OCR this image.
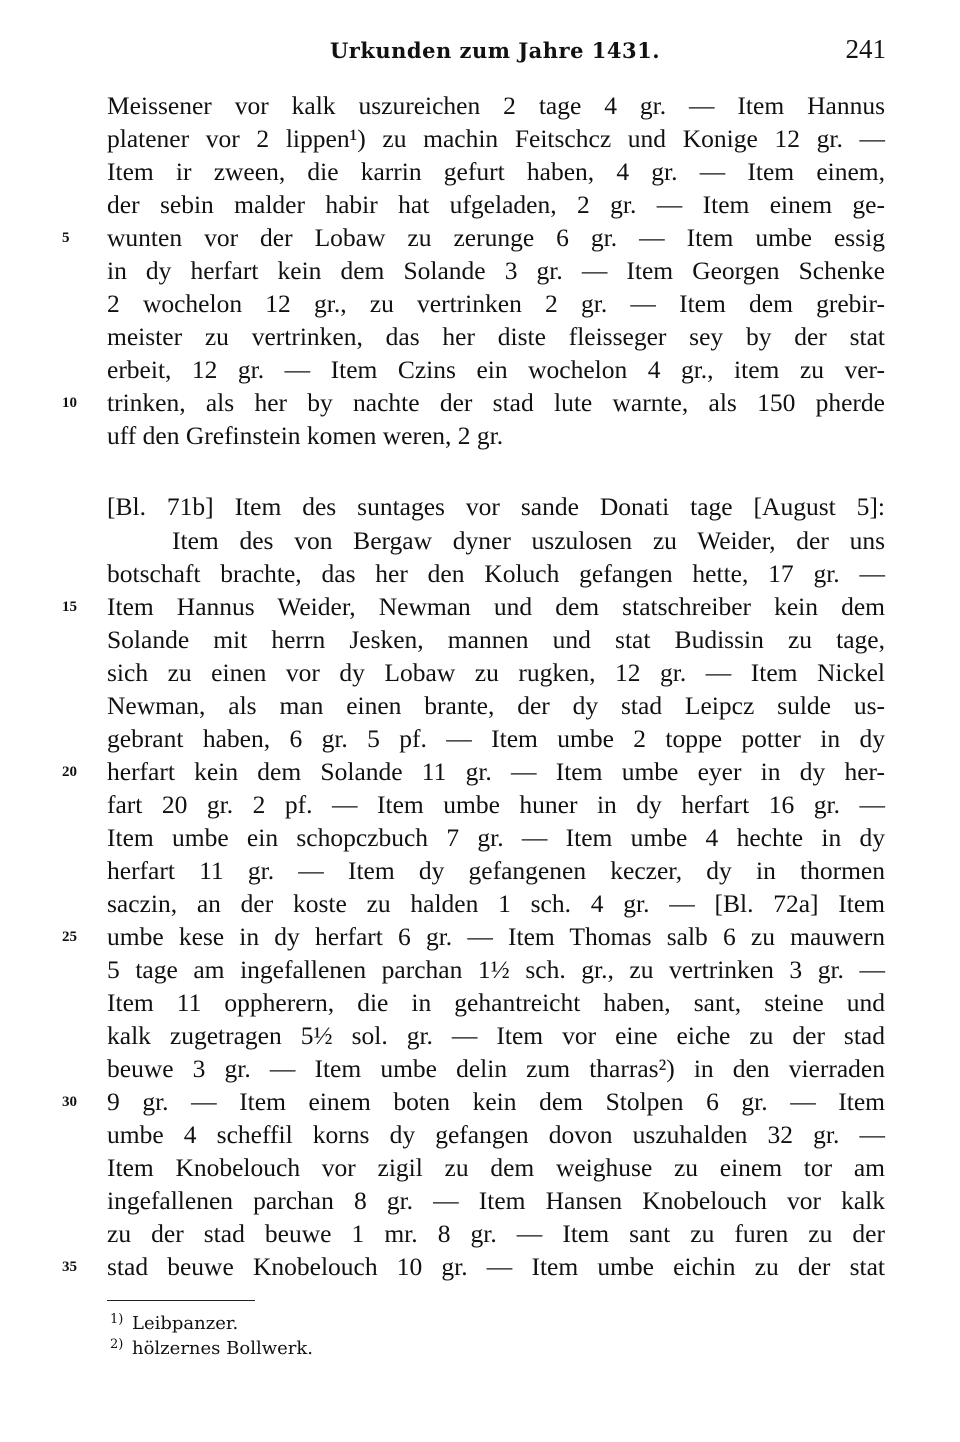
Urkunden zum Jahre 1431.	241
Meissener vor kalk uszureichen 2 tage 4 gr. — Item Hannus
platener vor 2 lippen¹) zu machin Feitschcz und Konige 12 gr. —
Item ir zween, die karrin gefurt haben, 4 gr. — Item einem,
der sebin malder habir hat ufgeladen, 2 gr. — Item einem ge-
wunten vor der Lobaw zu zerunge 6 gr. — Item umbe essig
in dy herfart kein dem Solande 3 gr. — Item Georgen Schenke
2 wochelon 12 gr., zu vertrinken 2 gr. — Item dem grebir-
meister zu vertrinken, das her diste fleisseger sey by der stat
erbeit, 12 gr. — Item Czins ein wochelon 4 gr., item zu ver-
trinken, als her by nachte der stad lute warnte, als 150 pherde
uff den Grefinstein komen weren, 2 gr.
[Bl. 71b] Item des suntages vor sande Donati tage [August 5]:
Item des von Bergaw dyner uszulosen zu Weider, der uns
botschaft brachte, das her den Koluch gefangen hette, 17 gr. —
Item Hannus Weider, Newman und dem statschreiber kein dem
Solande mit herrn Jesken, mannen und stat Budissin zu tage,
sich zu einen vor dy Lobaw zu rugken, 12 gr. — Item Nickel
Newman, als man einen brante, der dy stad Leipcz sulde us-
gebrant haben, 6 gr. 5 pf. — Item umbe 2 toppe potter in dy
herfart kein dem Solande 11 gr. — Item umbe eyer in dy her-
fart 20 gr. 2 pf. — Item umbe huner in dy herfart 16 gr. —
Item umbe ein schopczbuch 7 gr. — Item umbe 4 hechte in dy
herfart 11 gr. — Item dy gefangenen keczer, dy in thormen
saczin, an der koste zu halden 1 sch. 4 gr. — [Bl. 72a] Item
umbe kese in dy herfart 6 gr. — Item Thomas salb 6 zu mauwern
5 tage am ingefallenen parchan 1½ sch. gr., zu vertrinken 3 gr. —
Item 11 oppherern, die in gehantreicht haben, sant, steine und
kalk zugetragen 5½ sol. gr. — Item vor eine eiche zu der stad
beuwe 3 gr. — Item umbe delin zum tharras²) in den vierraden
9 gr. — Item einem boten kein dem Stolpen 6 gr. — Item
umbe 4 scheffil korns dy gefangen dovon uszuhalden 32 gr. —
Item Knobelouch vor zigil zu dem weighuse zu einem tor am
ingefallenen parchan 8 gr. — Item Hansen Knobelouch vor kalk
zu der stad beuwe 1 mr. 8 gr. — Item sant zu furen zu der
stad beuwe Knobelouch 10 gr. — Item umbe eichin zu der stat
5
10
15
20
25
30
35
1) Leibpanzer.
2) hölzernes Bollwerk.
